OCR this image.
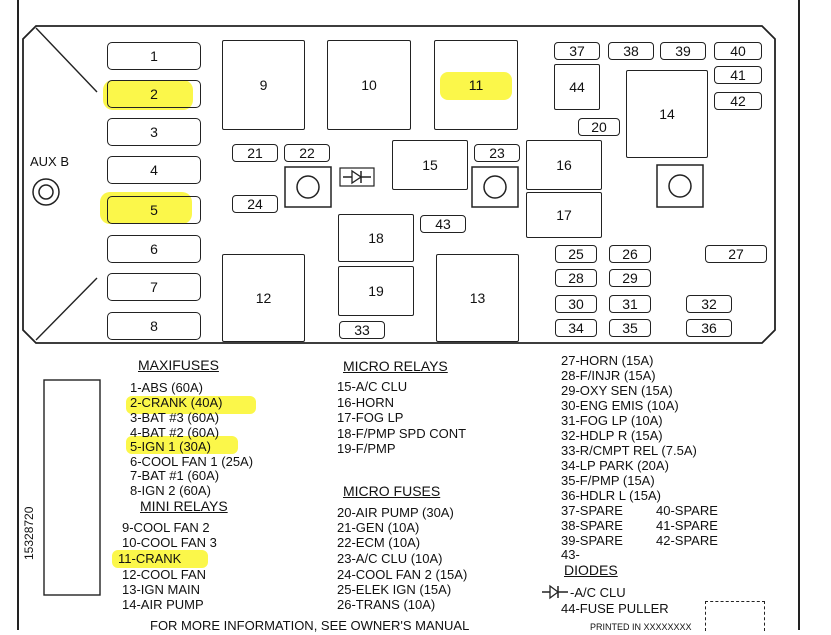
AUX B
1
2
3
4
5
6
7
8
9	10	11
12	13
14
15	16
17
18
19
20
21	22	23
24
43
33
25	26	27
28	29
30	31	32
34	35	36
37	38	39	40
41
42
44
15328720
MAXIFUSES
1-ABS (60A)
2-CRANK (40A)
3-BAT #3 (60A)
4-BAT #2 (60A)
5-IGN 1 (30A)
6-COOL FAN 1 (25A)
7-BAT #1 (60A)
8-IGN 2 (60A)
MINI RELAYS
9-COOL FAN 2
10-COOL FAN 3
11-CRANK
12-COOL FAN
13-IGN MAIN
14-AIR PUMP
MICRO RELAYS
15-A/C CLU
16-HORN
17-FOG LP
18-F/PMP SPD CONT
19-F/PMP
MICRO FUSES
20-AIR PUMP (30A)
21-GEN (10A)
22-ECM (10A)
23-A/C CLU (10A)
24-COOL FAN 2 (15A)
25-ELEK IGN (15A)
26-TRANS (10A)
27-HORN (15A)
28-F/INJR (15A)
29-OXY SEN (15A)
30-ENG EMIS (10A)
31-FOG LP (10A)
32-HDLP R (15A)
33-R/CMPT REL (7.5A)
34-LP PARK (20A)
35-F/PMP (15A)
36-HDLR L (15A)
37-SPARE	40-SPARE
38-SPARE	41-SPARE
39-SPARE	42-SPARE
43-
DIODES
-A/C CLU
44-FUSE PULLER
FOR MORE INFORMATION, SEE OWNER'S MANUAL	PRINTED IN XXXXXXXX
